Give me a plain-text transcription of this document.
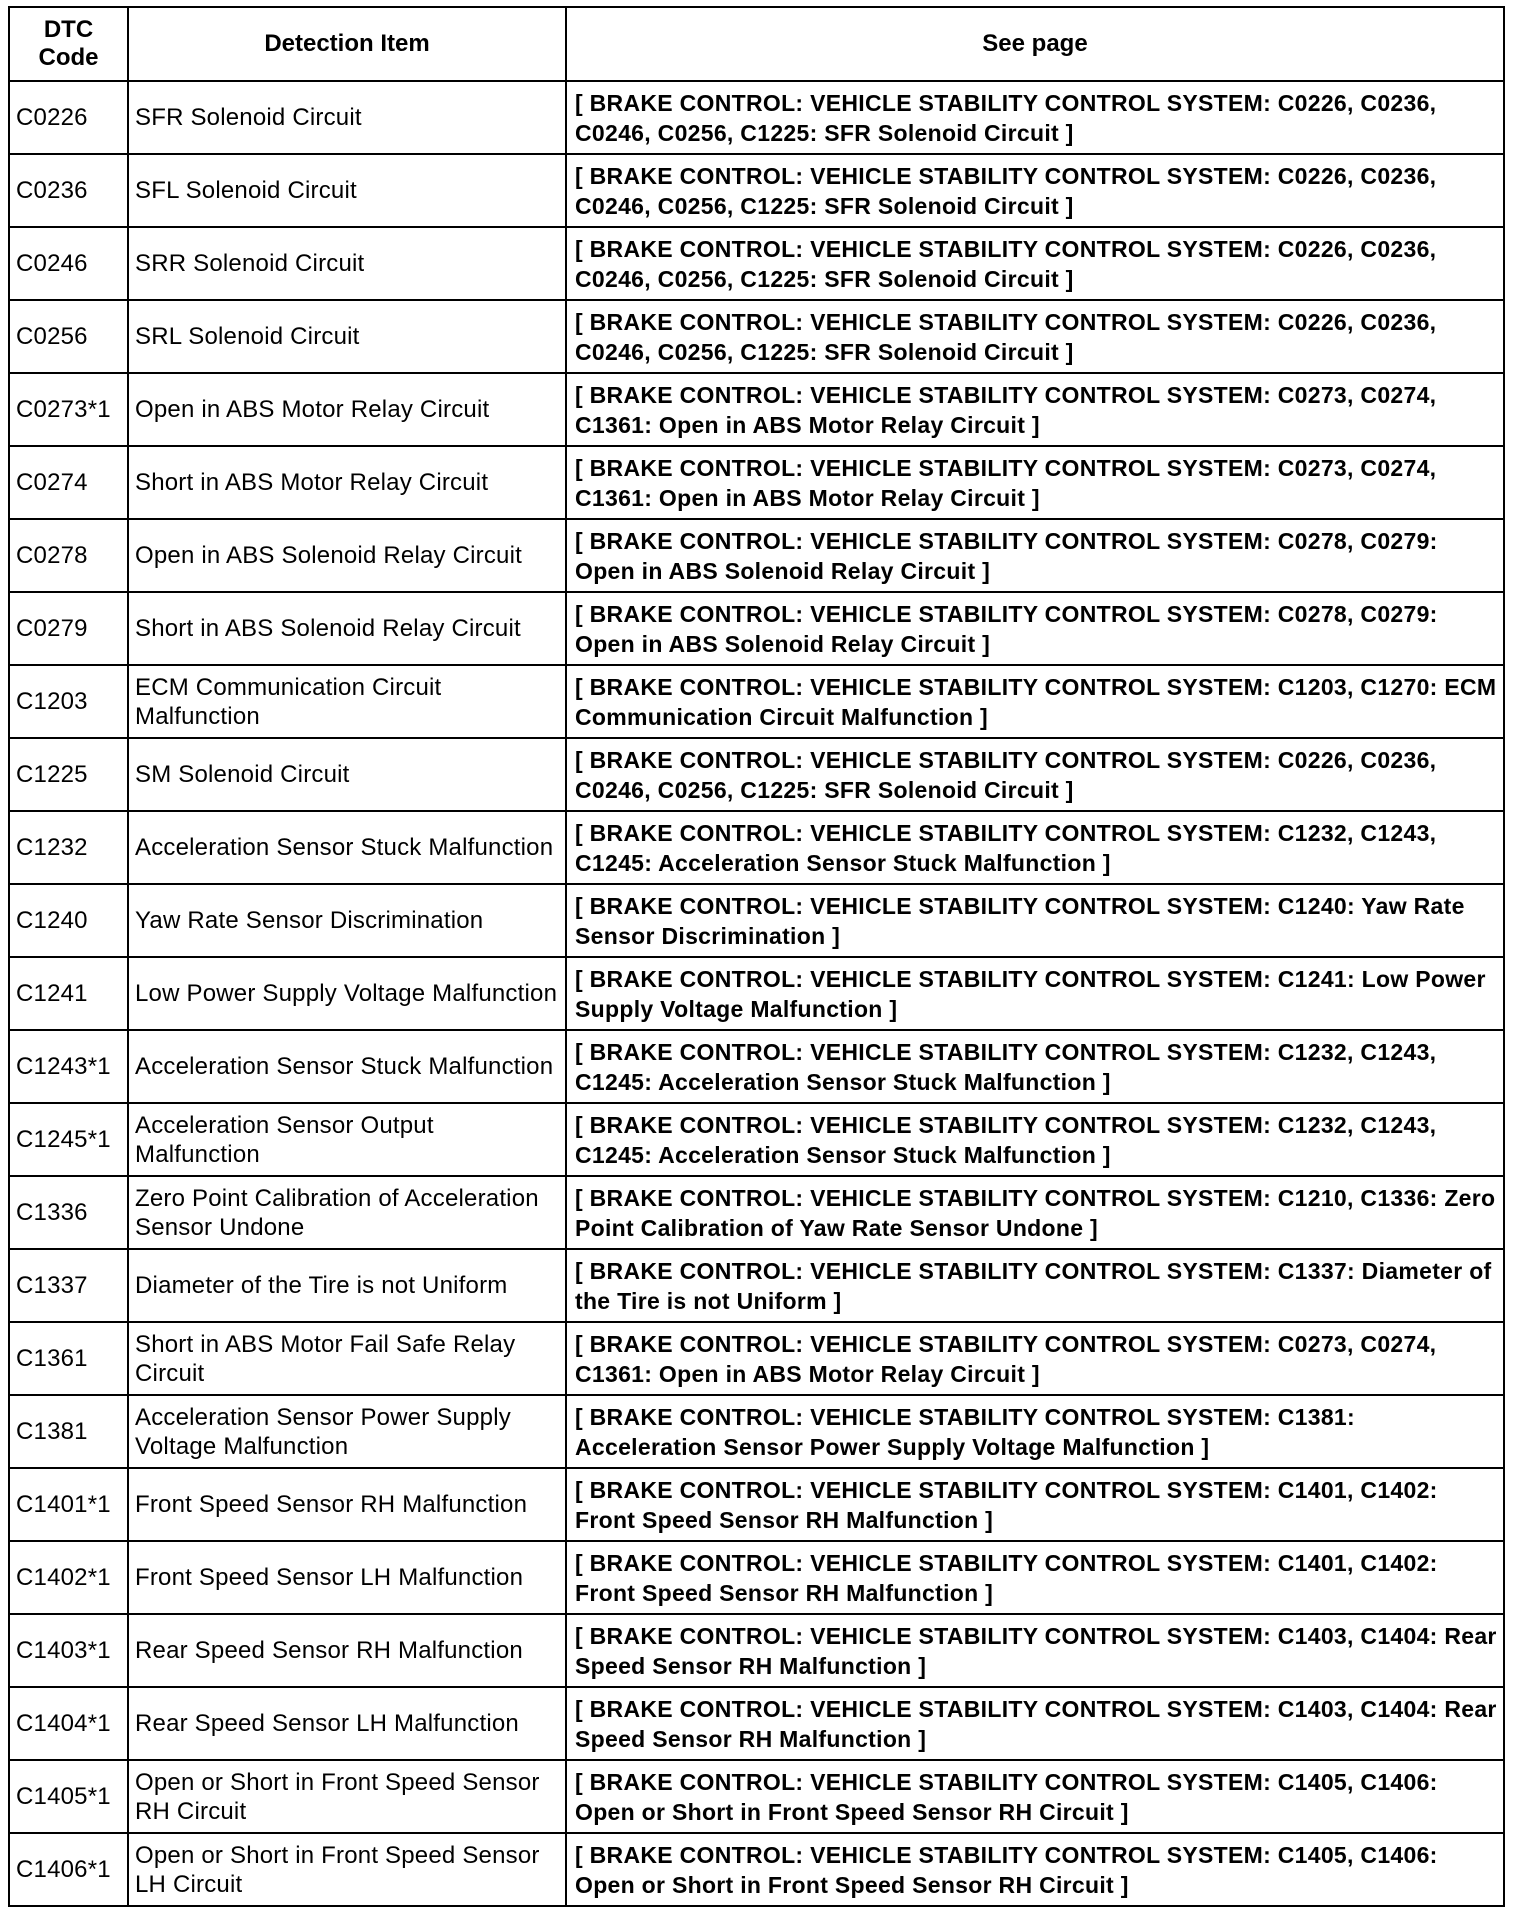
DTC
Code	Detection Item	See page
C0226	SFR Solenoid Circuit	[ BRAKE CONTROL: VEHICLE STABILITY CONTROL SYSTEM: C0226, C0236, C0246, C0256, C1225: SFR Solenoid Circuit ]
C0236	SFL Solenoid Circuit	[ BRAKE CONTROL: VEHICLE STABILITY CONTROL SYSTEM: C0226, C0236, C0246, C0256, C1225: SFR Solenoid Circuit ]
C0246	SRR Solenoid Circuit	[ BRAKE CONTROL: VEHICLE STABILITY CONTROL SYSTEM: C0226, C0236, C0246, C0256, C1225: SFR Solenoid Circuit ]
C0256	SRL Solenoid Circuit	[ BRAKE CONTROL: VEHICLE STABILITY CONTROL SYSTEM: C0226, C0236, C0246, C0256, C1225: SFR Solenoid Circuit ]
C0273*1	Open in ABS Motor Relay Circuit	[ BRAKE CONTROL: VEHICLE STABILITY CONTROL SYSTEM: C0273, C0274, C1361: Open in ABS Motor Relay Circuit ]
C0274	Short in ABS Motor Relay Circuit	[ BRAKE CONTROL: VEHICLE STABILITY CONTROL SYSTEM: C0273, C0274, C1361: Open in ABS Motor Relay Circuit ]
C0278	Open in ABS Solenoid Relay Circuit	[ BRAKE CONTROL: VEHICLE STABILITY CONTROL SYSTEM: C0278, C0279: Open in ABS Solenoid Relay Circuit ]
C0279	Short in ABS Solenoid Relay Circuit	[ BRAKE CONTROL: VEHICLE STABILITY CONTROL SYSTEM: C0278, C0279: Open in ABS Solenoid Relay Circuit ]
C1203	ECM Communication Circuit Malfunction	[ BRAKE CONTROL: VEHICLE STABILITY CONTROL SYSTEM: C1203, C1270: ECM Communication Circuit Malfunction ]
C1225	SM Solenoid Circuit	[ BRAKE CONTROL: VEHICLE STABILITY CONTROL SYSTEM: C0226, C0236, C0246, C0256, C1225: SFR Solenoid Circuit ]
C1232	Acceleration Sensor Stuck Malfunction	[ BRAKE CONTROL: VEHICLE STABILITY CONTROL SYSTEM: C1232, C1243, C1245: Acceleration Sensor Stuck Malfunction ]
C1240	Yaw Rate Sensor Discrimination	[ BRAKE CONTROL: VEHICLE STABILITY CONTROL SYSTEM: C1240: Yaw Rate Sensor Discrimination ]
C1241	Low Power Supply Voltage Malfunction	[ BRAKE CONTROL: VEHICLE STABILITY CONTROL SYSTEM: C1241: Low Power Supply Voltage Malfunction ]
C1243*1	Acceleration Sensor Stuck Malfunction	[ BRAKE CONTROL: VEHICLE STABILITY CONTROL SYSTEM: C1232, C1243, C1245: Acceleration Sensor Stuck Malfunction ]
C1245*1	Acceleration Sensor Output Malfunction	[ BRAKE CONTROL: VEHICLE STABILITY CONTROL SYSTEM: C1232, C1243, C1245: Acceleration Sensor Stuck Malfunction ]
C1336	Zero Point Calibration of Acceleration Sensor Undone	[ BRAKE CONTROL: VEHICLE STABILITY CONTROL SYSTEM: C1210, C1336: Zero Point Calibration of Yaw Rate Sensor Undone ]
C1337	Diameter of the Tire is not Uniform	[ BRAKE CONTROL: VEHICLE STABILITY CONTROL SYSTEM: C1337: Diameter of the Tire is not Uniform ]
C1361	Short in ABS Motor Fail Safe Relay Circuit	[ BRAKE CONTROL: VEHICLE STABILITY CONTROL SYSTEM: C0273, C0274, C1361: Open in ABS Motor Relay Circuit ]
C1381	Acceleration Sensor Power Supply Voltage Malfunction	[ BRAKE CONTROL: VEHICLE STABILITY CONTROL SYSTEM: C1381: Acceleration Sensor Power Supply Voltage Malfunction ]
C1401*1	Front Speed Sensor RH Malfunction	[ BRAKE CONTROL: VEHICLE STABILITY CONTROL SYSTEM: C1401, C1402: Front Speed Sensor RH Malfunction ]
C1402*1	Front Speed Sensor LH Malfunction	[ BRAKE CONTROL: VEHICLE STABILITY CONTROL SYSTEM: C1401, C1402: Front Speed Sensor RH Malfunction ]
C1403*1	Rear Speed Sensor RH Malfunction	[ BRAKE CONTROL: VEHICLE STABILITY CONTROL SYSTEM: C1403, C1404: Rear Speed Sensor RH Malfunction ]
C1404*1	Rear Speed Sensor LH Malfunction	[ BRAKE CONTROL: VEHICLE STABILITY CONTROL SYSTEM: C1403, C1404: Rear Speed Sensor RH Malfunction ]
C1405*1	Open or Short in Front Speed Sensor RH Circuit	[ BRAKE CONTROL: VEHICLE STABILITY CONTROL SYSTEM: C1405, C1406: Open or Short in Front Speed Sensor RH Circuit ]
C1406*1	Open or Short in Front Speed Sensor LH Circuit	[ BRAKE CONTROL: VEHICLE STABILITY CONTROL SYSTEM: C1405, C1406: Open or Short in Front Speed Sensor RH Circuit ]
